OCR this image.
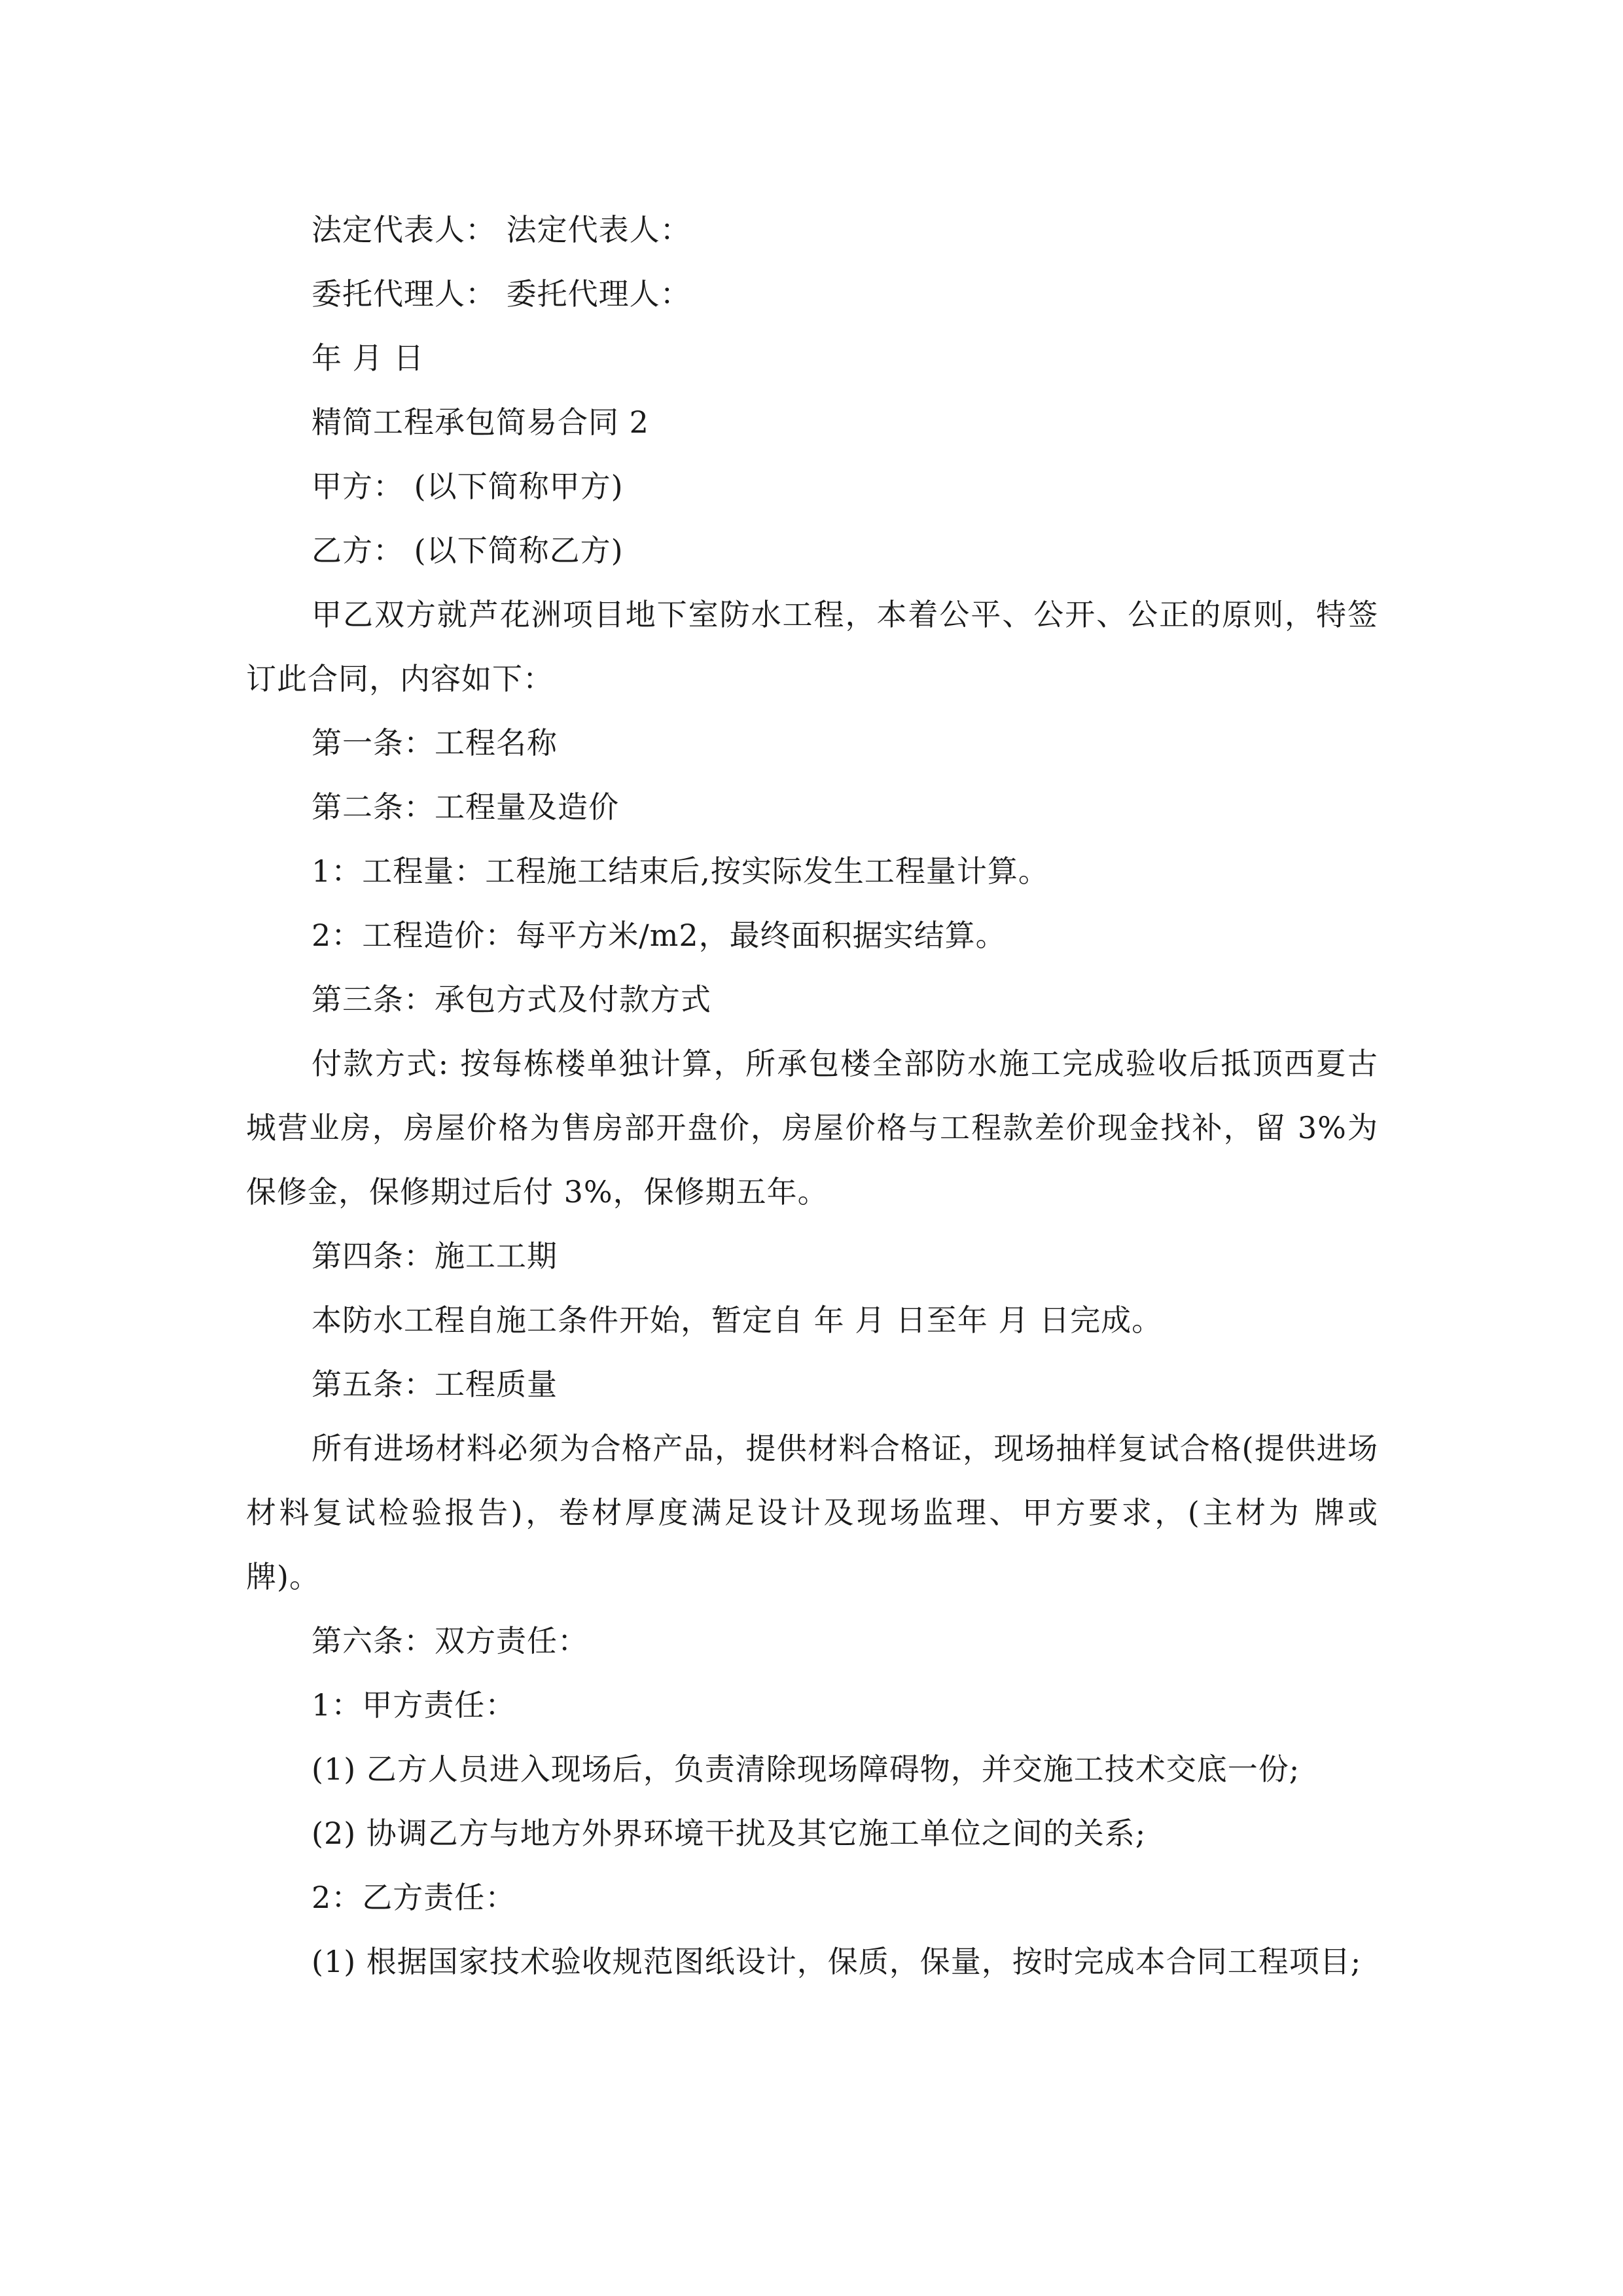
法定代表人： 法定代表人：

委托代理人： 委托代理人：

年 月 日

精简工程承包简易合同 2

甲方： (以下简称甲方)

乙方： (以下简称乙方)

甲乙双方就芦花洲项目地下室防水工程，本着公平、公开、公正的原则，特签订此合同，内容如下：

第一条：工程名称

第二条：工程量及造价

1：工程量：工程施工结束后,按实际发生工程量计算。

2：工程造价：每平方米/m2，最终面积据实结算。

第三条：承包方式及付款方式

付款方式: 按每栋楼单独计算，所承包楼全部防水施工完成验收后抵顶西夏古城营业房，房屋价格为售房部开盘价，房屋价格与工程款差价现金找补，留 3%为保修金，保修期过后付 3%，保修期五年。

第四条：施工工期

本防水工程自施工条件开始，暂定自 年 月 日至年 月 日完成。

第五条：工程质量

所有进场材料必须为合格产品，提供材料合格证，现场抽样复试合格(提供进场材料复试检验报告)，卷材厚度满足设计及现场监理、甲方要求，(主材为 牌或 牌)。

第六条：双方责任：

1：甲方责任：

(1) 乙方人员进入现场后，负责清除现场障碍物，并交施工技术交底一份;

(2) 协调乙方与地方外界环境干扰及其它施工单位之间的关系;

2：乙方责任：

(1) 根据国家技术验收规范图纸设计，保质，保量，按时完成本合同工程项目;
